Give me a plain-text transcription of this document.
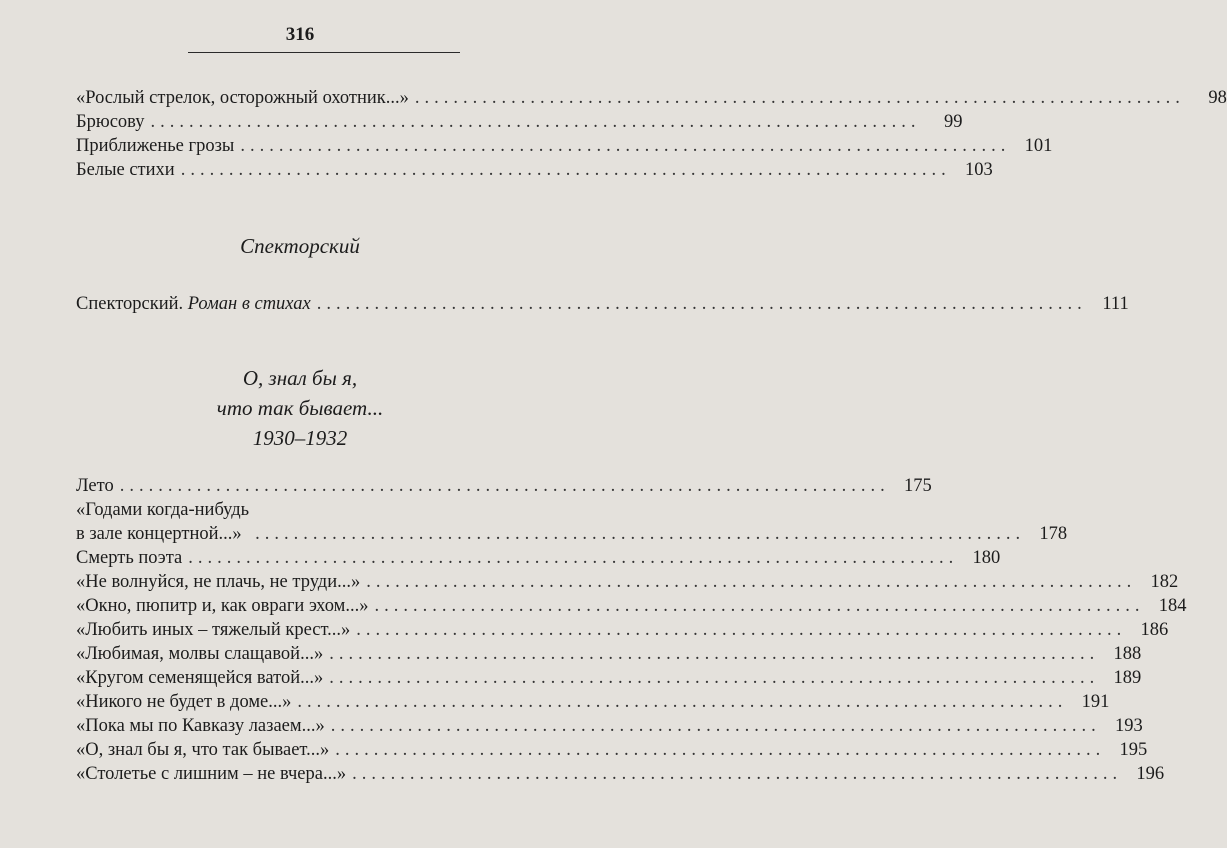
316
«Рослый стрелок, осторожный охотник...» ................................................................................	98
Брюсову ................................................................................	99
Приближенье грозы ................................................................................ 101
Белые стихи ................................................................................ 103
Спекторский
Спекторский. Роман в стихах ................................................................................ 111
О, знал бы я,
что так бывает...
1930–1932
Лето ................................................................................ 175
«Годами когда-нибудь
в зале концертной...» ................................................................................ 178
Смерть поэта ................................................................................ 180
«Не волнуйся, не плачь, не труди...» ................................................................................ 182
«Окно, пюпитр и, как овраги эхом...» ................................................................................ 184
«Любить иных – тяжелый крест...» ................................................................................ 186
«Любимая, молвы слащавой...» ................................................................................ 188
«Кругом семенящейся ватой...» ................................................................................ 189
«Никого не будет в доме...» ................................................................................ 191
«Пока мы по Кавказу лазаем...» ................................................................................ 193
«О, знал бы я, что так бывает...» ................................................................................ 195
«Столетье с лишним – не вчера...» ................................................................................ 196
